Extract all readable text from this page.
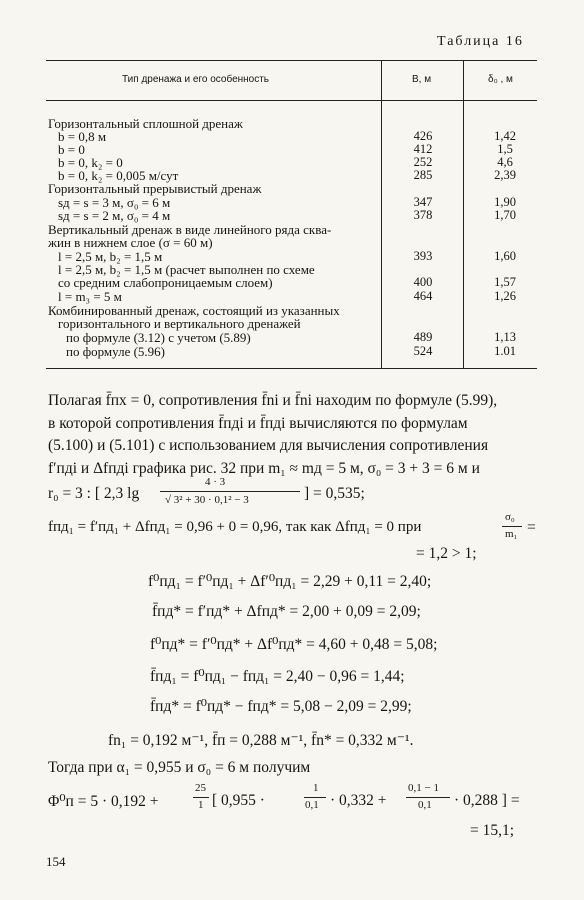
Таблица 16
Тип дренажа и его особенность	B, м	δ₀ , м
Горизонтальный сплошной дренаж
b = 0,8 м	426	1,42
b = 0	412	1,5
b = 0, k₂ = 0	252	4,6
b = 0, k₂ = 0,005 м/сут	285	2,39
Горизонтальный прерывистый дренаж
sд = s = 3 м, σ₀ = 6 м	347	1,90
sд = s = 2 м, σ₀ = 4 м	378	1,70
Вертикальный дренаж в виде линейного ряда сква-
жин в нижнем слое (σ = 60 м)
l = 2,5 м, b₂ = 1,5 м	393	1,60
l = 2,5 м, b₂ = 1,5 м (расчет выполнен по схеме
со средним слабопроницаемым слоем)	400	1,57
l = m₃ = 5 м	464	1,26
Комбинированный дренаж, состоящий из указанных
горизонтального и вертикального дренажей
по формуле (3.12) с учетом (5.89)	489	1,13
по формуле (5.96)	524	1.01
Полагая f̄пх = 0, сопротивления f̄ni и f̄ni находим по формуле (5.99),
в которой сопротивления f̄пдi и f̄пдi вычисляются по формулам
(5.100) и (5.101) с использованием для вычисления сопротивления
f′пдi и Δfпдi графика рис. 32 при m₁ ≈ mд = 5 м, σ₀ = 3 + 3 = 6 м и
r₀ = 3 : [ 2,3 lg
4 · 3
√ 3² + 30 · 0,1² − 3	] = 0,535;
fпд₁ = f′пд₁ + Δfпд₁ = 0,96 + 0 = 0,96, так как Δfпд₁ = 0 при
σ₀
m₁ =
= 1,2 > 1;
f⁰пд₁ = f′⁰пд₁ + Δf′⁰пд₁ = 2,29 + 0,11 = 2,40;
f̄пд* = f′пд* + Δfпд* = 2,00 + 0,09 = 2,09;
f⁰пд* = f′⁰пд* + Δf⁰пд* = 4,60 + 0,48 = 5,08;
f̄пд₁ = f⁰пд₁ − fпд₁ = 2,40 − 0,96 = 1,44;
f̄пд* = f⁰пд* − fпд* = 5,08 − 2,09 = 2,99;
fn₁ = 0,192 м⁻¹, f̄п = 0,288 м⁻¹, f̄n* = 0,332 м⁻¹.
Тогда при α₁ = 0,955 и σ₀ = 6 м получим
Φ⁰п = 5 · 0,192 +
25
1 [ 0,955 ·
1
0,1 · 0,332 +
0,1 − 1
0,1 · 0,288 ] =
= 15,1;
154
